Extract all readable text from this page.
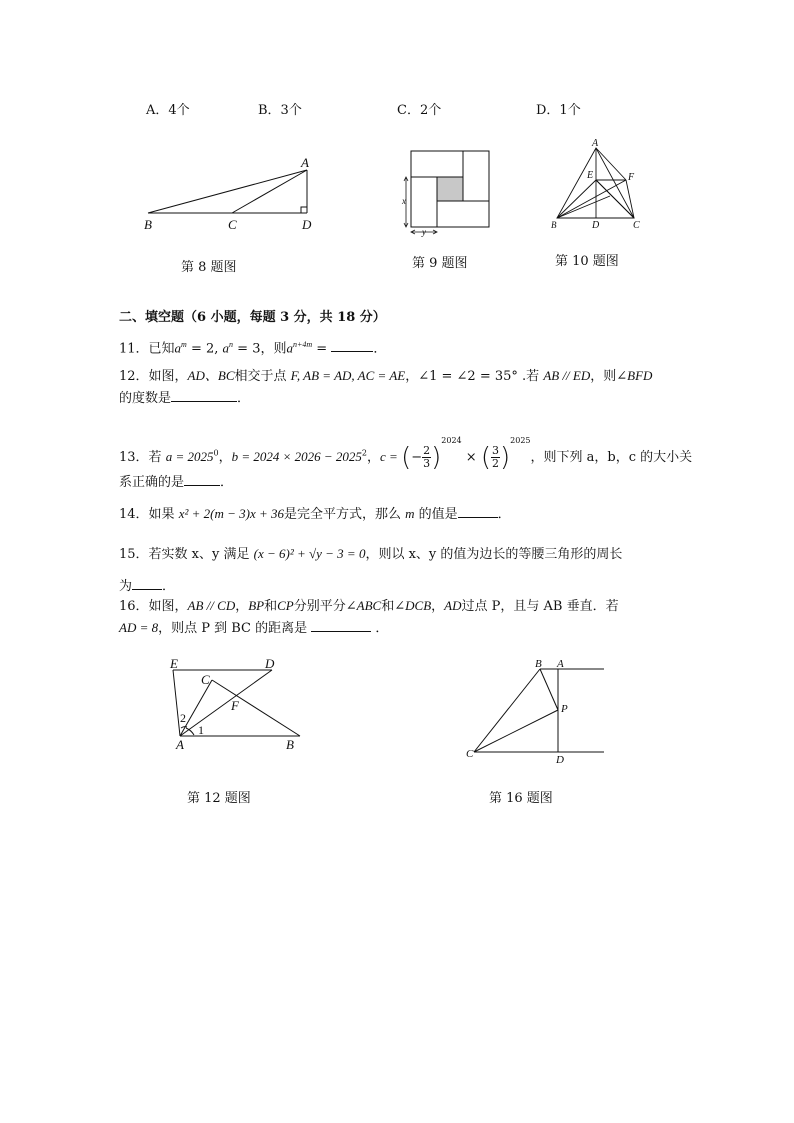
A．4个	B．3个	C．2个	D．1个
A
B	C	D
第 8 题图
x
y
第 9 题图
A
B	C
D
E	F
第 10 题图
二、填空题（6 小题，每题 3 分，共 18 分）
11．已知$a^m = 2$, $a^n = 3$，则$a^{n+4m}$ =	．
12．如图，AD、BC相交于点 F, AB = AD, AC = AE，∠1 = ∠2 = 35° .若 AB // ED，则∠BFD
的度数是	．
13．若 $a = 2025^0$，$b = 2024 \times 2026 - 2025^2$，c = (− $\frac{2}{3} )^{2024}$ × ( $\frac{3}{2} )^{2025}$，则下列 a，b，c 的大小关
系正确的是	．
14．如果 x² + 2(m − 3)x + 36是完全平方式，那么 m 的值是	．
15．若实数 x、y 满足 (x − 6)² + √y − 3 = 0，则以 x、y 的值为边长的等腰三角形的周长
为 ．
16．如图，AB // CD，BP和CP分别平分∠ABC和∠DCB，AD过点 P，且与 AB 垂直．若
AD = 8，则点 P 到 BC 的距离是	．
E	D
C
F
A	B
1
2
第 12 题图
B A
P
C	D
第 16 题图
